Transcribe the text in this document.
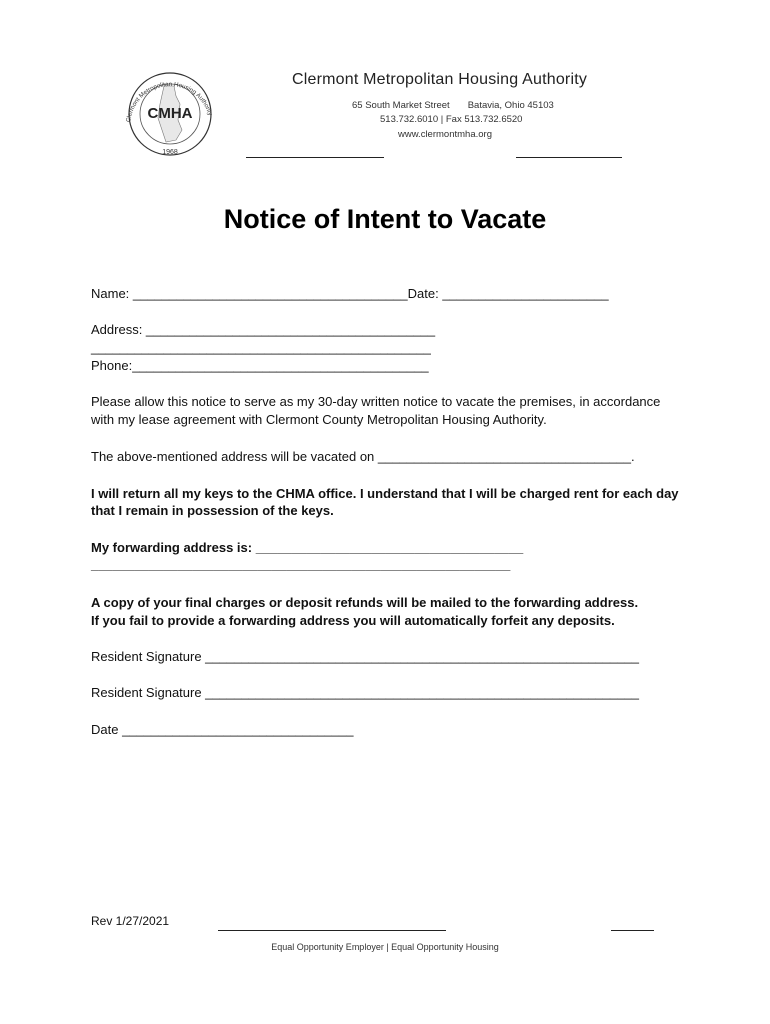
Clermont Metropolitan Housing Authority
CMHA
1968
Clermont Metropolitan Housing Authority
65 South Market Street Batavia, Ohio 45103
513.732.6010 | Fax 513.732.6520
www.clermontmha.org
Notice of Intent to Vacate
Name: ______________________________________Date: _______________________
Address: ________________________________________
_______________________________________________
Phone:_________________________________________
Please allow this notice to serve as my 30-day written notice to vacate the premises, in accordance
with my lease agreement with Clermont County Metropolitan Housing Authority.
The above-mentioned address will be vacated on ___________________________________.
I will return all my keys to the CHMA office. I understand that I will be charged rent for each day
that I remain in possession of the keys.
My forwarding address is: _____________________________________
__________________________________________________________
A copy of your final charges or deposit refunds will be mailed to the forwarding address.
If you fail to provide a forwarding address you will automatically forfeit any deposits.
Resident Signature ____________________________________________________________
Resident Signature ____________________________________________________________
Date ________________________________
Rev 1/27/2021
Equal Opportunity Employer | Equal Opportunity Housing
